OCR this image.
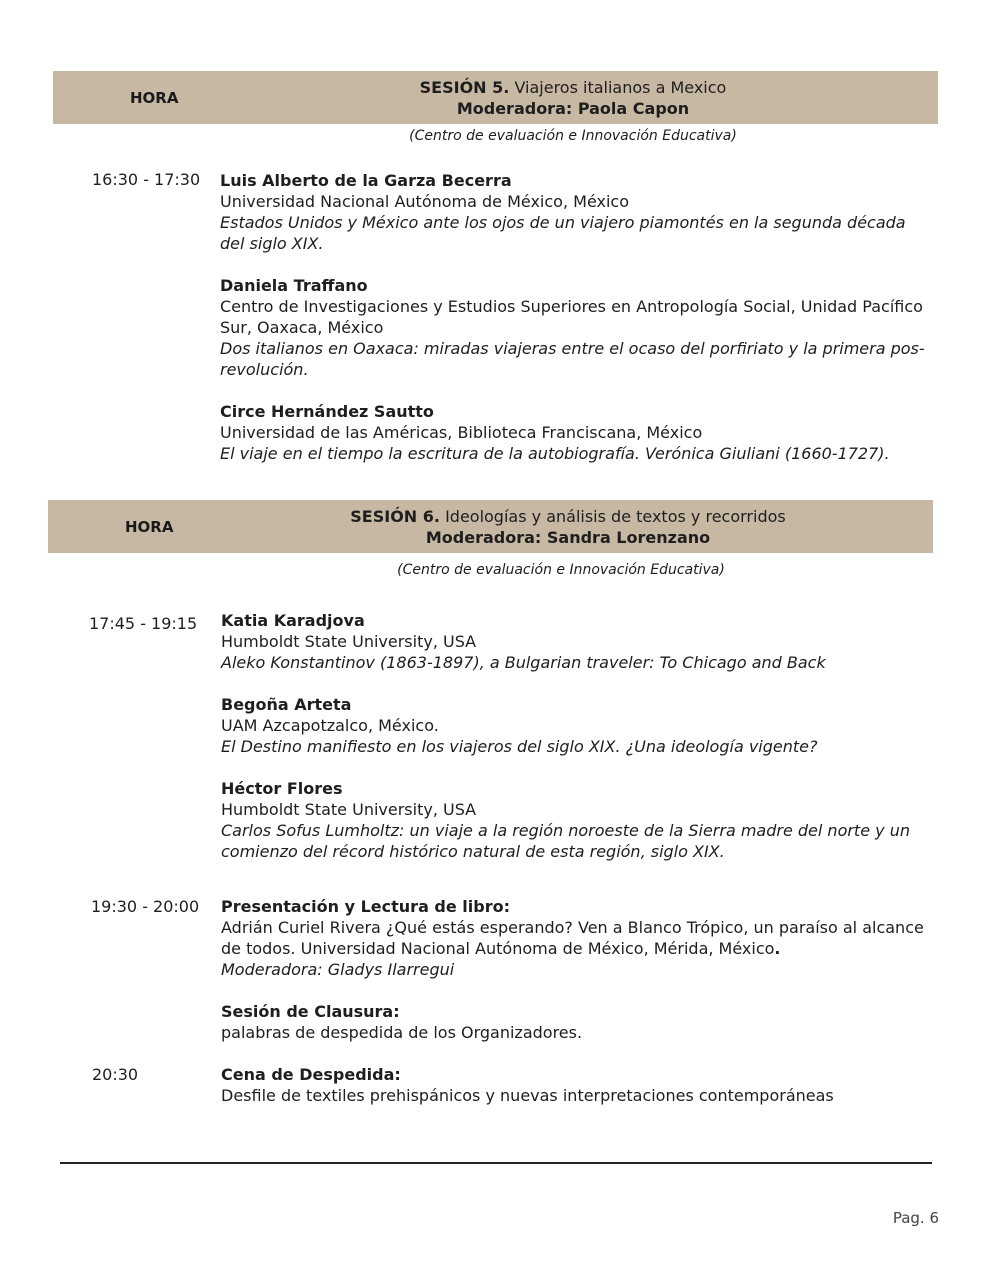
HORA
SESIÓN 5. Viajeros italianos a Mexico
Moderadora: Paola Capon
(Centro de evaluación e Innovación Educativa)
16:30 - 17:30 Luis Alberto de la Garza Becerra
Universidad Nacional Autónoma de México, México
Estados Unidos y México ante los ojos de un viajero piamontés en la segunda década del siglo XIX.
Daniela Traffano
Centro de Investigaciones y Estudios Superiores en Antropología Social, Unidad Pacífico Sur, Oaxaca, México
Dos italianos en Oaxaca: miradas viajeras entre el ocaso del porfiriato y la primera pos-revolución.
Circe Hernández Sautto
Universidad de las Américas, Biblioteca Franciscana, México
El viaje en el tiempo la escritura de la autobiografía. Verónica Giuliani (1660-1727).
HORA
SESIÓN 6. Ideologías y análisis de textos y recorridos
Moderadora: Sandra Lorenzano
(Centro de evaluación e Innovación Educativa)
17:45 - 19:15 Katia Karadjova
Humboldt State University, USA
Aleko Konstantinov (1863-1897), a Bulgarian traveler: To Chicago and Back
Begoña Arteta
UAM Azcapotzalco, México.
El Destino manifiesto en los viajeros del siglo XIX. ¿Una ideología vigente?
Héctor Flores
Humboldt State University, USA
Carlos Sofus Lumholtz: un viaje a la región noroeste de la Sierra madre del norte y un comienzo del récord histórico natural de esta región, siglo XIX.
19:30 - 20:00 Presentación y Lectura de libro:
Adrián Curiel Rivera ¿Qué estás esperando? Ven a Blanco Trópico, un paraíso al alcance de todos. Universidad Nacional Autónoma de México, Mérida, México.
Moderadora: Gladys Ilarregui
Sesión de Clausura:
palabras de despedida de los Organizadores.
20:30	Cena de Despedida:
Desfile de textiles prehispánicos y nuevas interpretaciones contemporáneas
Pag. 6
